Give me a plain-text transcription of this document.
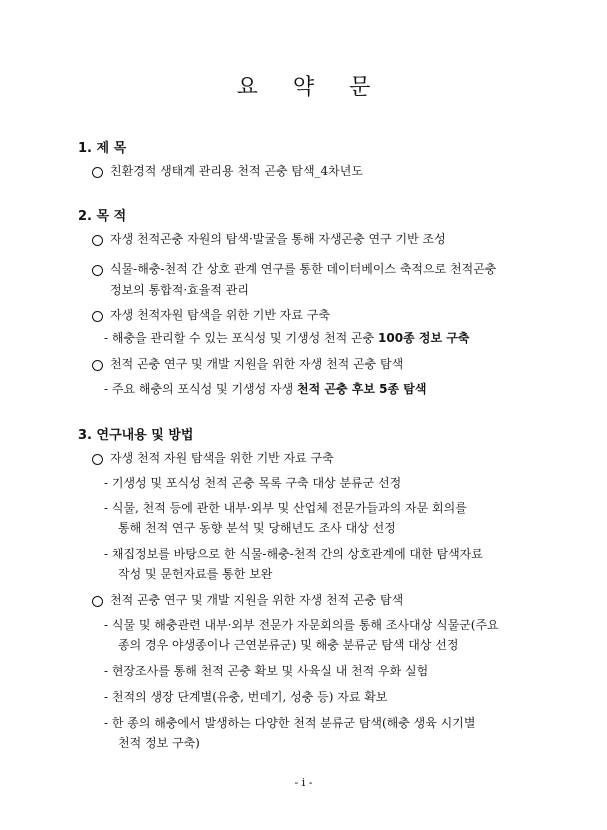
요 약 문
1. 제 목
친환경적 생태계 관리용 천적 곤충 탐색_4차년도
2. 목 적
자생 천적곤충 자원의 탐색·발굴을 통해 자생곤충 연구 기반 조성
식물-해충-천적 간 상호 관계 연구를 통한 데이터베이스 축적으로 천적곤충
정보의 통합적·효율적 관리
자생 천적자원 탐색을 위한 기반 자료 구축
- 해충을 관리할 수 있는 포식성 및 기생성 천적 곤충 100종 정보 구축
천적 곤충 연구 및 개발 지원을 위한 자생 천적 곤충 탐색
- 주요 해충의 포식성 및 기생성 자생 천적 곤충 후보 5종 탐색
3. 연구내용 및 방법
자생 천적 자원 탐색을 위한 기반 자료 구축
- 기생성 및 포식성 천적 곤충 목록 구축 대상 분류군 선정
- 식물, 천적 등에 관한 내부·외부 및 산업체 전문가들과의 자문 회의를
통해 천적 연구 동향 분석 및 당해년도 조사 대상 선정
- 채집정보를 바탕으로 한 식물-해충-천적 간의 상호관계에 대한 탐색자료
작성 및 문헌자료를 통한 보완
천적 곤충 연구 및 개발 지원을 위한 자생 천적 곤충 탐색
- 식물 및 해충관련 내부·외부 전문가 자문회의를 통해 조사대상 식물군(주요
종의 경우 야생종이나 근연분류군) 및 해충 분류군 탐색 대상 선정
- 현장조사를 통해 천적 곤충 확보 및 사육실 내 천적 우화 실험
- 천적의 생장 단계별(유충, 번데기, 성충 등) 자료 확보
- 한 종의 해충에서 발생하는 다양한 천적 분류군 탐색(해충 생육 시기별
천적 정보 구축)
- i -
